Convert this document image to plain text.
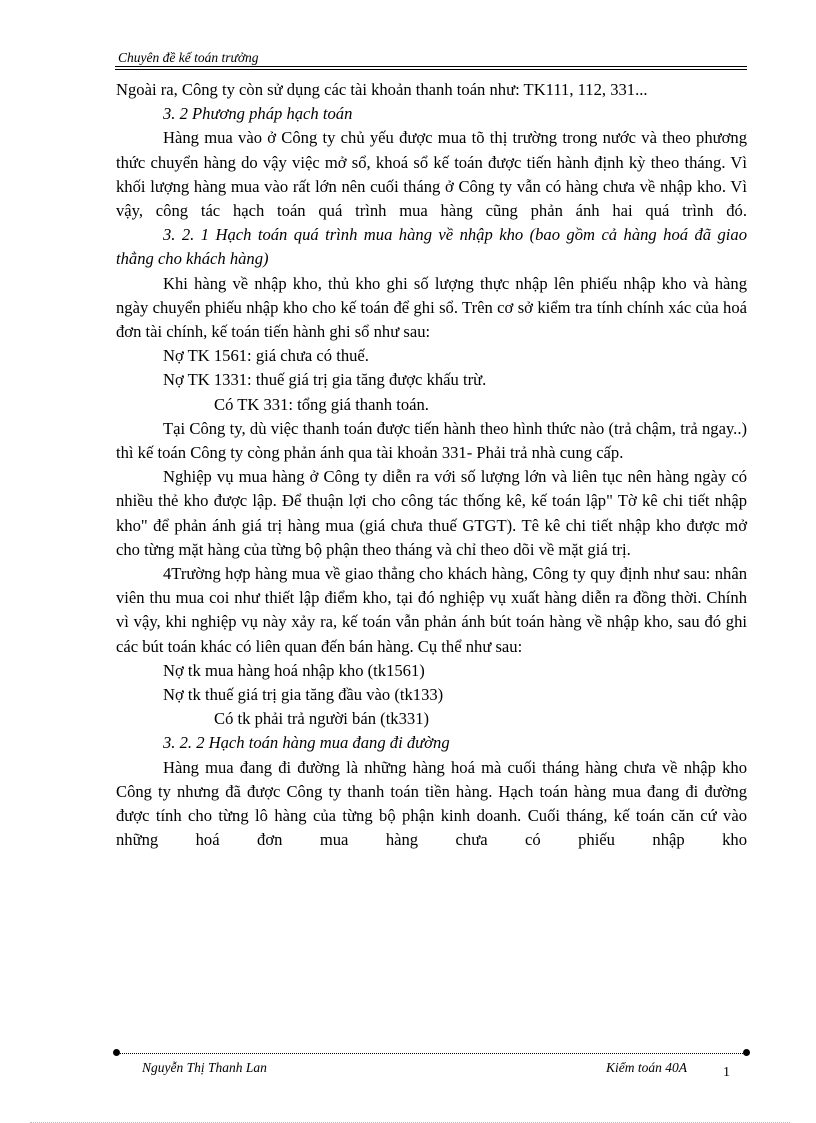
Chuyên đề kế toán trưởng

Ngoài ra, Công ty còn sử dụng các tài khoản thanh toán như: TK111, 112, 331...

3. 2 Phương pháp hạch toán

Hàng mua vào ở Công ty chủ yếu được mua tõ thị trường trong nước và theo phương thức chuyển hàng do vậy việc mở sổ, khoá sổ kế toán được tiến hành định kỳ theo tháng. Vì khối lượng hàng mua vào rất lớn nên cuối tháng ở Công ty vẫn có hàng chưa về nhập kho. Vì vậy, công tác hạch toán quá trình mua hàng cũng phản ánh hai quá trình đó.

3. 2. 1 Hạch toán quá trình mua hàng về nhập kho (bao gồm cả hàng hoá đã giao thẳng cho khách hàng)

Khi hàng về nhập kho, thủ kho ghi số lượng thực nhập lên phiếu nhập kho và hàng ngày chuyển phiếu nhập kho cho kế toán để ghi sổ. Trên cơ sở kiểm tra tính chính xác của hoá đơn tài chính, kế toán tiến hành ghi sổ như sau:

Nợ TK 1561: giá chưa có thuế.

Nợ TK 1331: thuế giá trị gia tăng được khấu trừ.

Có TK 331: tổng giá thanh toán.

Tại Công ty, dù việc thanh toán được tiến hành theo hình thức nào (trả chậm, trả ngay..) thì kế toán Công ty còng phản ánh qua tài khoản 331- Phải trả nhà cung cấp.

Nghiệp vụ mua hàng ở Công ty diễn ra với số lượng lớn và liên tục nên hàng ngày có nhiều thẻ kho được lập. Để thuận lợi cho công tác thống kê, kế toán lập" Tờ kê chi tiết nhập kho" để phản ánh giá trị hàng mua (giá chưa thuế GTGT). Tê kê chi tiết nhập kho được mở cho từng mặt hàng của từng bộ phận theo tháng và chỉ theo dõi về mặt giá trị.

4Trường hợp hàng mua về giao thẳng cho khách hàng, Công ty quy định như sau: nhân viên thu mua coi như thiết lập điểm kho, tại đó nghiệp vụ xuất hàng diễn ra đồng thời. Chính vì vậy, khi nghiệp vụ này xảy ra, kế toán vẫn phản ánh bút toán hàng về nhập kho, sau đó ghi các bút toán khác có liên quan đến bán hàng. Cụ thể như sau:

Nợ tk mua hàng hoá nhập kho (tk1561)

Nợ tk thuế giá trị gia tăng đầu vào (tk133)

Có tk phải trả người bán (tk331)

3. 2. 2 Hạch toán hàng mua đang đi đường

Hàng mua đang đi đường là những hàng hoá mà cuối tháng hàng chưa về nhập kho Công ty nhưng đã được Công ty thanh toán tiền hàng. Hạch toán hàng mua đang đi đường được tính cho từng lô hàng của từng bộ phận kinh doanh. Cuối tháng, kế toán căn cứ vào những hoá đơn mua hàng chưa có phiếu nhập kho

Nguyễn Thị Thanh Lan	Kiểm toán 40A	1
